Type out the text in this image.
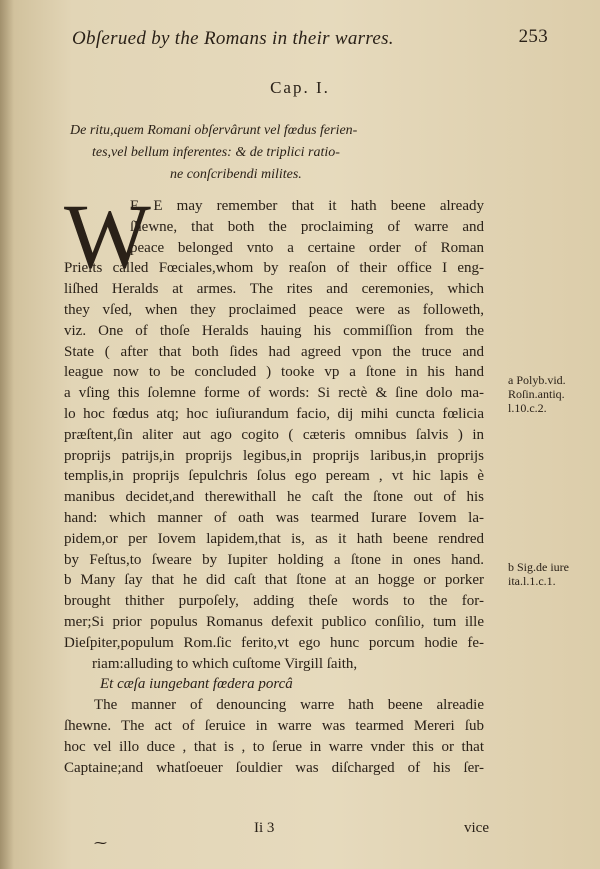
Obſerued by the Romans in their warres.	253
Cap. I.
De ritu,quem Romani obſervârunt vel fœdus ferien-
tes,vel bellum inferentes: & de triplici ratio-
ne conſcribendi milites.
W
E E may remember that it hath beene already
ſhewne, that both the proclaiming of warre and
peace belonged vnto a certaine order of Roman
Prieſts called Fœciales,whom by reaſon of their office I eng-
liſhed Heralds at armes. The rites and ceremonies, which
they vſed, when they proclaimed peace were as followeth,
viz. One of thoſe Heralds hauing his commiſſion from the
State ( after that both ſides had agreed vpon the truce and
league now to be concluded ) tooke vp a ſtone in his hand
a vſing this ſolemne forme of words: Si rectè & ſine dolo ma-
lo hoc fœdus atq; hoc iuſiurandum facio, dij mihi cuncta fœlicia
præſtent,ſin aliter aut ago cogito ( cæteris omnibus ſalvis ) in
proprijs patrijs,in proprijs legibus,in proprijs laribus,in proprijs
templis,in proprijs ſepulchris ſolus ego peream , vt hic lapis è
manibus decidet,and therewithall he caſt the ſtone out of his
hand: which manner of oath was tearmed Iurare Iovem la-
pidem,or per Iovem lapidem,that is, as it hath beene rendred
by Feſtus,to ſweare by Iupiter holding a ſtone in ones hand.
b Many ſay that he did caſt that ſtone at an hogge or porker
brought thither purpoſely, adding theſe words to the for-
mer;Si prior populus Romanus defexit publico conſilio, tum ille
Dieſpiter,populum Rom.ſic ferito,vt ego hunc porcum hodie fe-
riam:alluding to which cuſtome Virgill ſaith,
Et cæſa iungebant fœdera porcâ
The manner of denouncing warre hath beene alreadie
ſhewne. The act of ſeruice in warre was tearmed Mereri ſub
hoc vel illo duce , that is , to ſerue in warre vnder this or that
Captaine;and whatſoeuer ſouldier was diſcharged of his ſer-
a Polyb.vid. Roſin.antiq. l.10.c.2.
b Sig.de iure ita.l.1.c.1.
⁓
Ii 3	vice
